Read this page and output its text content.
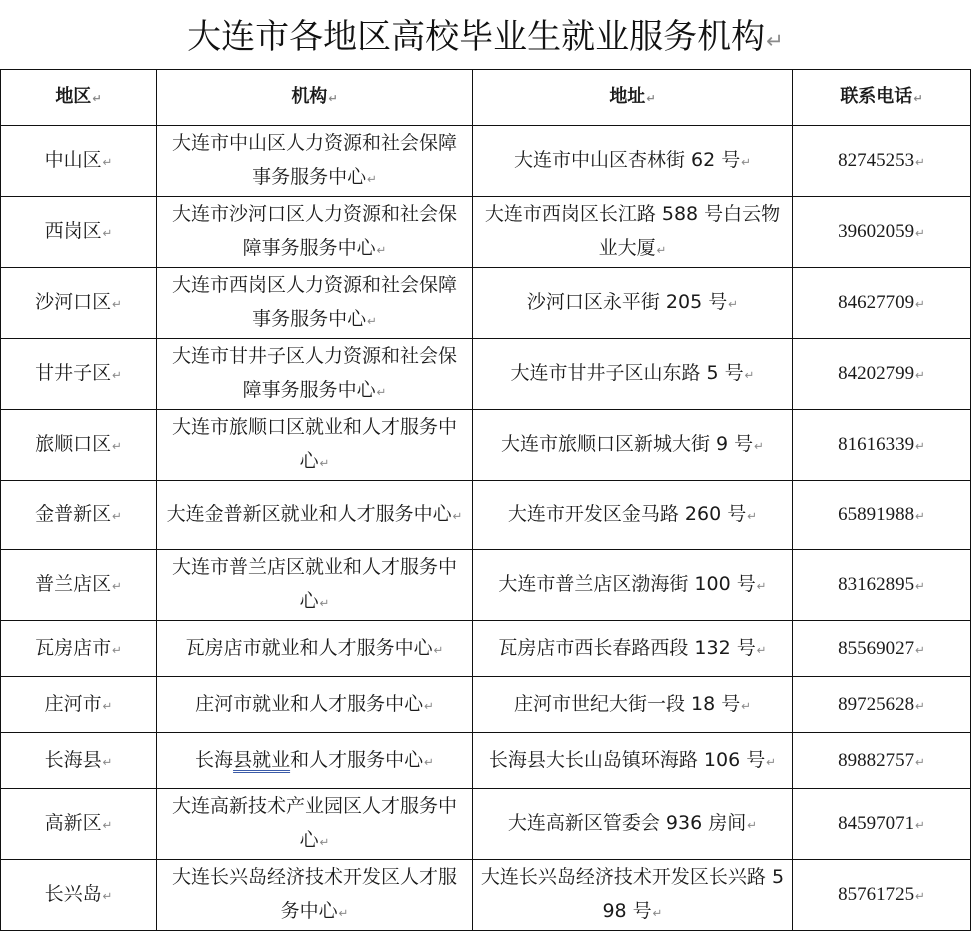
大连市各地区高校毕业生就业服务机构↵
地区↵	机构↵	地址↵	联系电话↵
中山区↵	大连市中山区人力资源和社会保障事务服务中心↵	大连市中山区杏林街 62 号↵	82745253↵
西岗区↵	大连市沙河口区人力资源和社会保障事务服务中心↵	大连市西岗区长江路 588 号白云物业大厦↵	39602059↵
沙河口区↵	大连市西岗区人力资源和社会保障事务服务中心↵	沙河口区永平街 205 号↵	84627709↵
甘井子区↵	大连市甘井子区人力资源和社会保障事务服务中心↵	大连市甘井子区山东路 5 号↵	84202799↵
旅顺口区↵	大连市旅顺口区就业和人才服务中心↵	大连市旅顺口区新城大街 9 号↵	81616339↵
金普新区↵	大连金普新区就业和人才服务中心↵	大连市开发区金马路 260 号↵	65891988↵
普兰店区↵	大连市普兰店区就业和人才服务中心↵	大连市普兰店区渤海街 100 号↵	83162895↵
瓦房店市↵	瓦房店市就业和人才服务中心↵	瓦房店市西长春路西段 132 号↵	85569027↵
庄河市↵	庄河市就业和人才服务中心↵	庄河市世纪大街一段 18 号↵	89725628↵
长海县↵	长海县就业和人才服务中心↵	长海县大长山岛镇环海路 106 号↵	89882757↵
高新区↵	大连高新技术产业园区人才服务中心↵	大连高新区管委会 936 房间↵	84597071↵
长兴岛↵	大连长兴岛经济技术开发区人才服务中心↵	大连长兴岛经济技术开发区长兴路 598 号↵	85761725↵
